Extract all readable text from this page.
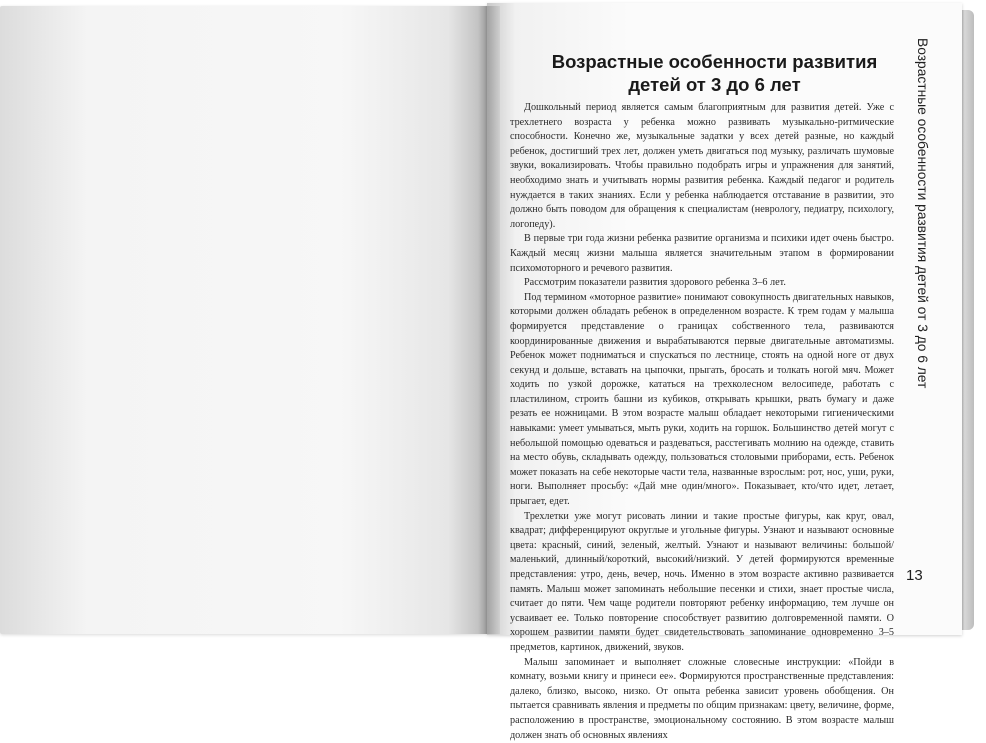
Возрастные особенности развития
детей от 3 до 6 лет

Дошкольный период является самым благоприятным для развития детей. Уже с трехлетнего возраста у ребенка можно развивать музыкально-ритмические способности. Конечно же, музыкальные задатки у всех детей разные, но каждый ребенок, достигший трех лет, должен уметь двигаться под музыку, различать шумовые звуки, вокализировать. Чтобы правильно подобрать игры и упражнения для занятий, необходимо знать и учитывать нормы развития ребенка. Каждый педагог и родитель нуждается в таких знаниях. Если у ребенка наблюдается отставание в развитии, это должно быть поводом для обращения к специалистам (неврологу, педиатру, психологу, логопеду).

В первые три года жизни ребенка развитие организма и психики идет очень быстро. Каждый месяц жизни малыша является значительным этапом в формировании психомоторного и речевого развития.

Рассмотрим показатели развития здорового ребенка 3–6 лет.

Под термином «моторное развитие» понимают совокупность двигательных навыков, которыми должен обладать ребенок в определенном возрасте. К трем годам у малыша формируется представление о границах собственного тела, развиваются координированные движения и вырабатываются первые двигательные автоматизмы. Ребенок может подниматься и спускаться по лестнице, стоять на одной ноге от двух секунд и дольше, вставать на цыпочки, прыгать, бросать и толкать ногой мяч. Может ходить по узкой дорожке, кататься на трехколесном велосипеде, работать с пластилином, строить башни из кубиков, открывать крышки, рвать бумагу и даже резать ее ножницами. В этом возрасте малыш обладает некоторыми гигиеническими навыками: умеет умываться, мыть руки, ходить на горшок. Большинство детей могут с небольшой помощью одеваться и раздеваться, расстегивать молнию на одежде, ставить на место обувь, складывать одежду, пользоваться столовыми приборами, есть. Ребенок может показать на себе некоторые части тела, названные взрослым: рот, нос, уши, руки, ноги. Выполняет просьбу: «Дай мне один/много». Показывает, кто/что идет, летает, прыгает, едет.

Трехлетки уже могут рисовать линии и такие простые фигуры, как круг, овал, квадрат; дифференцируют округлые и угольные фигуры. Узнают и называют основные цвета: красный, синий, зеленый, желтый. Узнают и называют величины: большой/маленький, длинный/короткий, высокий/низкий. У детей формируются временные представления: утро, день, вечер, ночь. Именно в этом возрасте активно развивается память. Малыш может запоминать небольшие песенки и стихи, знает простые числа, считает до пяти. Чем чаще родители повторяют ребенку информацию, тем лучше он усваивает ее. Только повторение способствует развитию долговременной памяти. О хорошем развитии памяти будет свидетельствовать запоминание одновременно 3–5 предметов, картинок, движений, звуков.

Малыш запоминает и выполняет сложные словесные инструкции: «Пойди в комнату, возьми книгу и принеси ее». Формируются пространственные представления: далеко, близко, высоко, низко. От опыта ребенка зависит уровень обобщения. Он пытается сравнивать явления и предметы по общим признакам: цвету, величине, форме, расположению в пространстве, эмоциональному состоянию. В этом возрасте малыш должен знать об основных явлениях

Возрастные особенности развития детей от 3 до 6 лет
13
